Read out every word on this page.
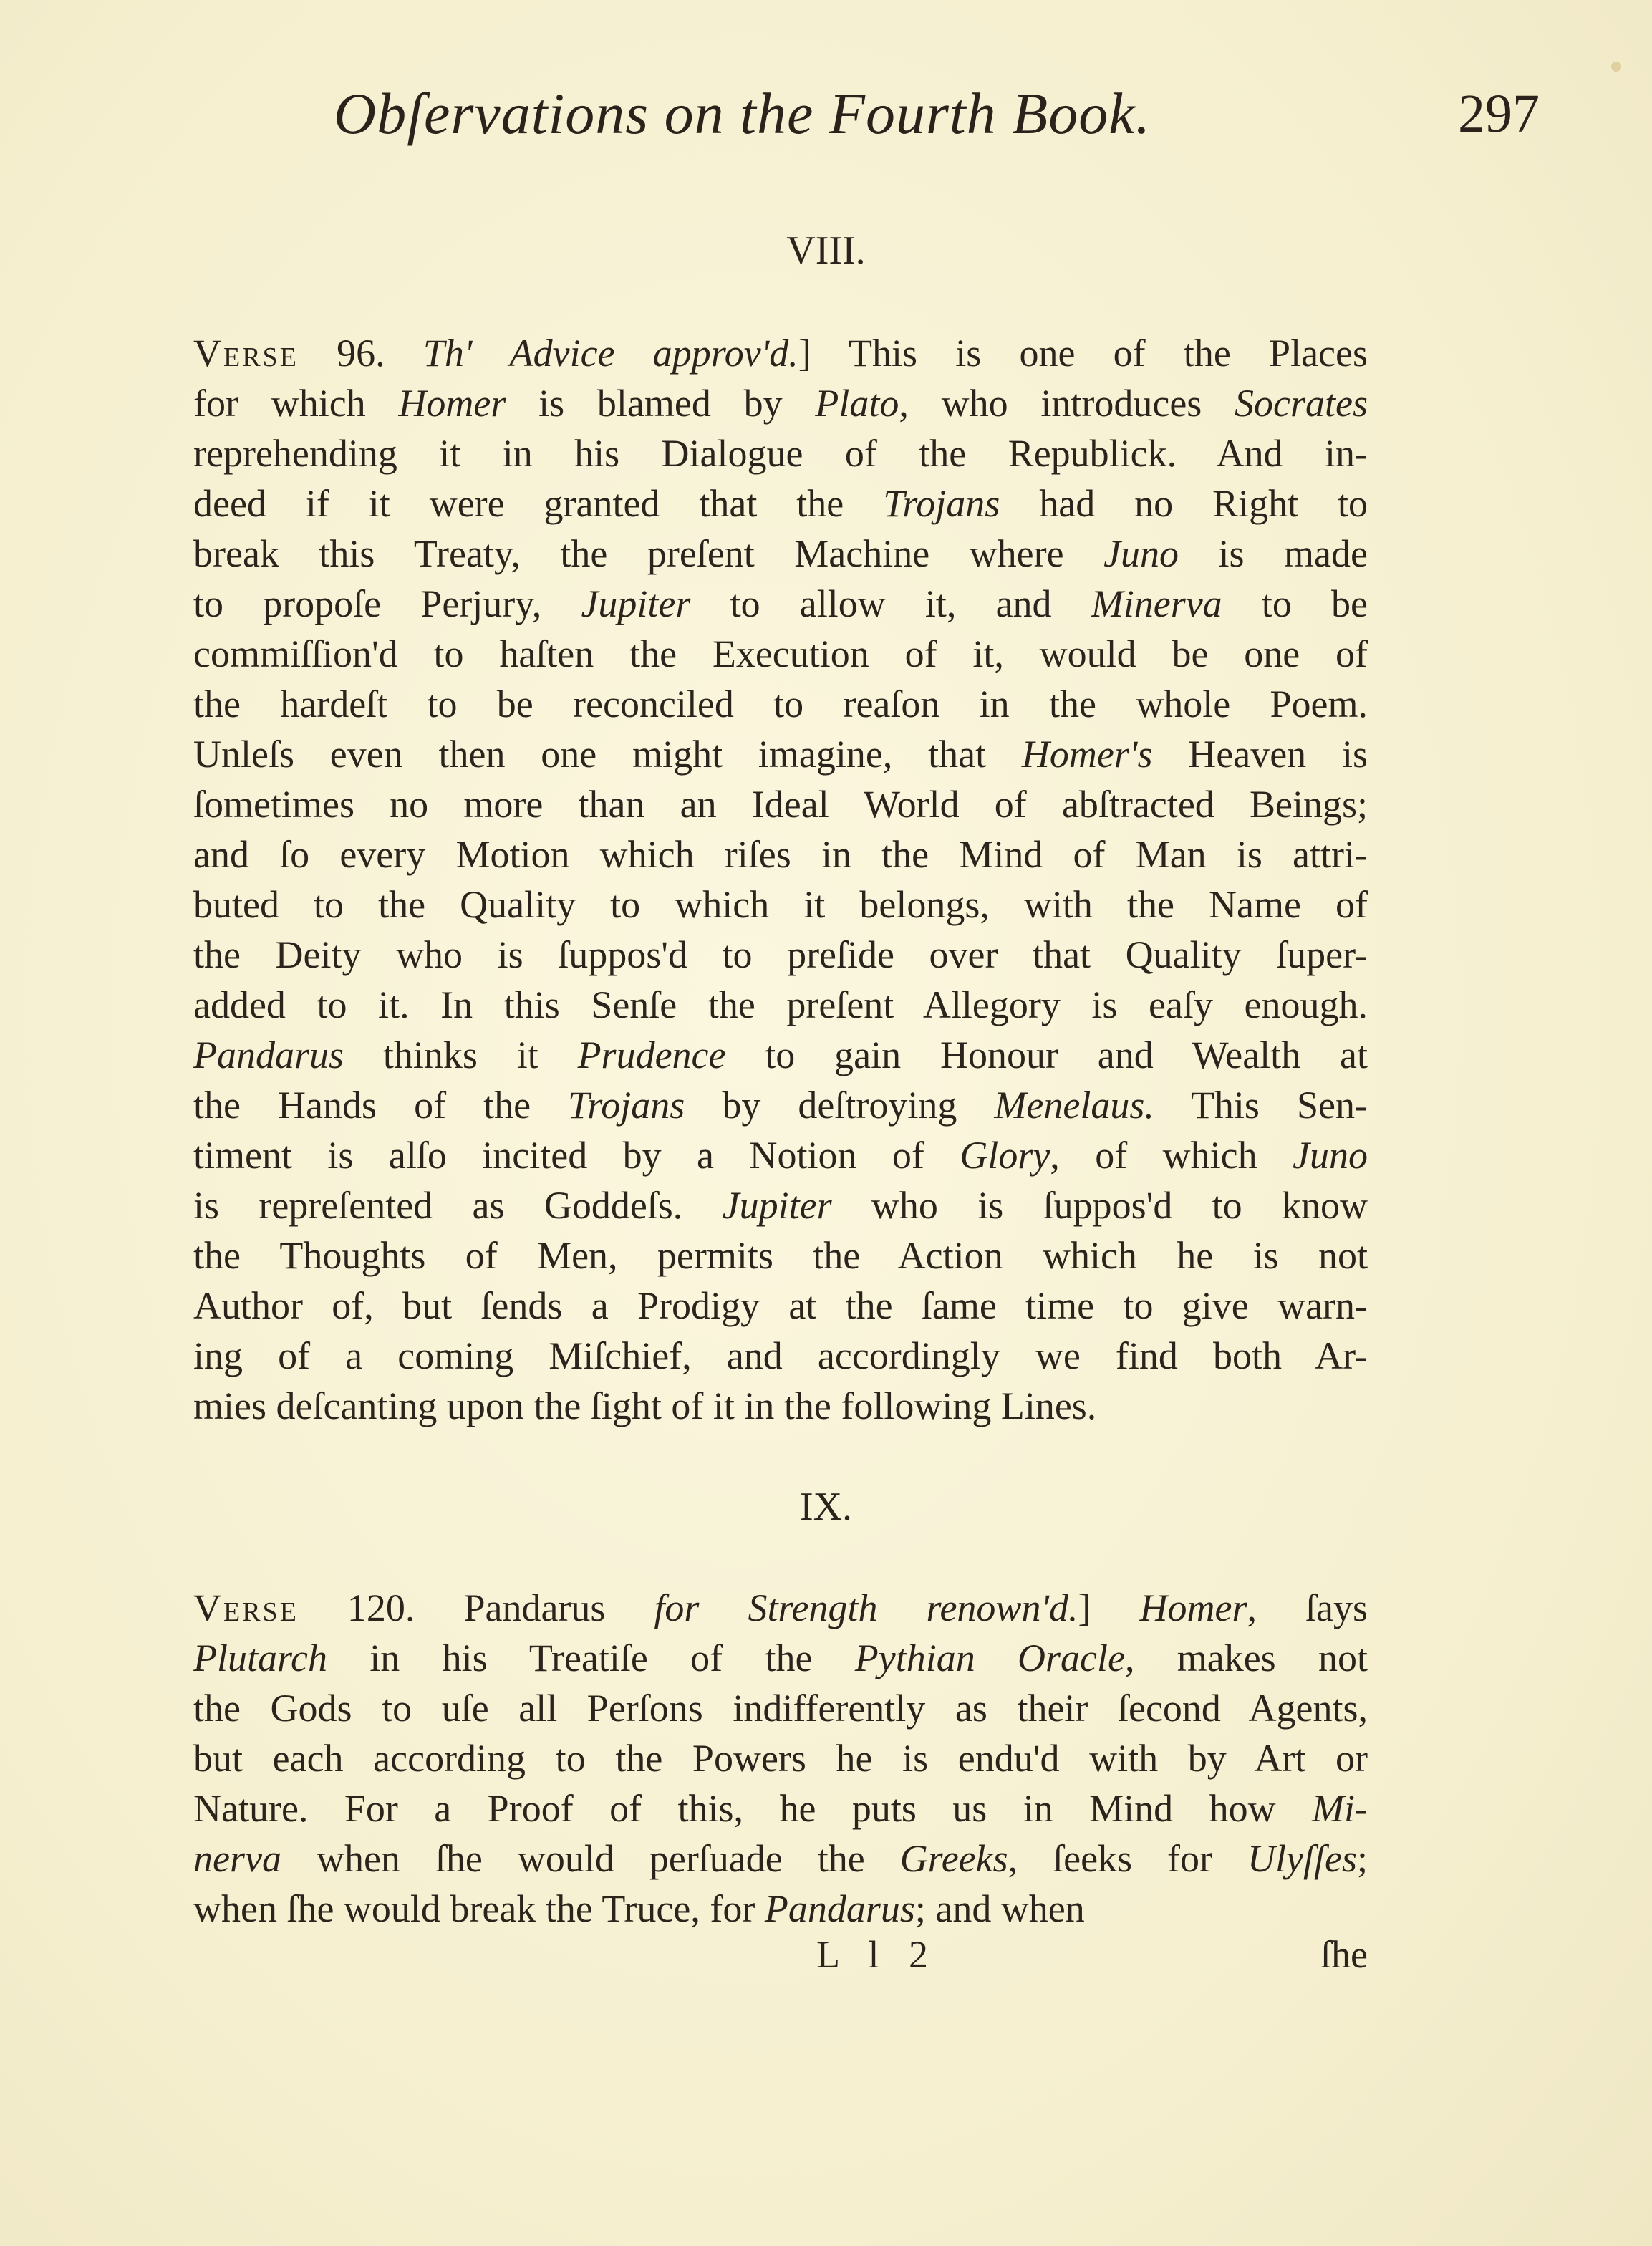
Obſervations on the Fourth Book.	297
VIII.
Verse 96. Th' Advice approv'd.] This is one of the Places
for which Homer is blamed by Plato, who introduces Socrates
reprehending it in his Dialogue of the Republick. And in-
deed if it were granted that the Trojans had no Right to
break this Treaty, the preſent Machine where Juno is made
to propoſe Perjury, Jupiter to allow it, and Minerva to be
commiſſion'd to haſten the Execution of it, would be one of
the hardeſt to be reconciled to reaſon in the whole Poem.
Unleſs even then one might imagine, that Homer's Heaven is
ſometimes no more than an Ideal World of abſtracted Beings;
and ſo every Motion which riſes in the Mind of Man is attri-
buted to the Quality to which it belongs, with the Name of
the Deity who is ſuppos'd to preſide over that Quality ſuper-
added to it. In this Senſe the preſent Allegory is eaſy enough.
Pandarus thinks it Prudence to gain Honour and Wealth at
the Hands of the Trojans by deſtroying Menelaus. This Sen-
timent is alſo incited by a Notion of Glory, of which Juno
is repreſented as Goddeſs. Jupiter who is ſuppos'd to know
the Thoughts of Men, permits the Action which he is not
Author of, but ſends a Prodigy at the ſame time to give warn-
ing of a coming Miſchief, and accordingly we find both Ar-
mies deſcanting upon the ſight of it in the following Lines.
IX.
Verse 120. Pandarus for Strength renown'd.] Homer, ſays
Plutarch in his Treatiſe of the Pythian Oracle, makes not
the Gods to uſe all Perſons indifferently as their ſecond Agents,
but each according to the Powers he is endu'd with by Art or
Nature. For a Proof of this, he puts us in Mind how Mi-
nerva when ſhe would perſuade the Greeks, ſeeks for Ulyſſes;
when ſhe would break the Truce, for Pandarus; and when
L l 2	ſhe
